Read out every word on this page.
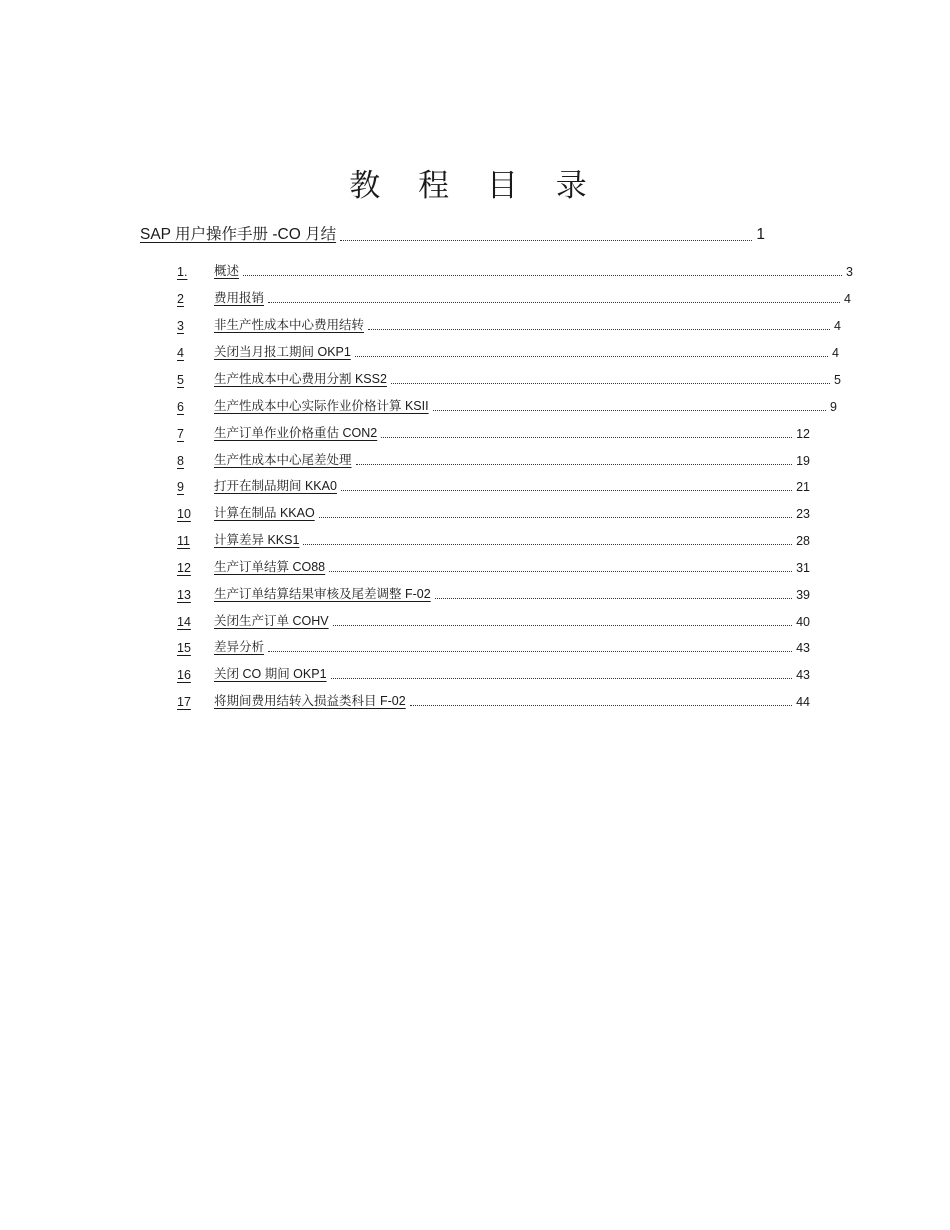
教 程 目 录
SAP 用户操作手册 -CO 月结	1
1.	概述	3
2	费用报销	4
3	非生产性成本中心费用结转	4
4	关闭当月报工期间 OKP1	4
5	生产性成本中心费用分割 KSS2	5
6	生产性成本中心实际作业价格计算 KSII	9
7	生产订单作业价格重估 CON2	12
8	生产性成本中心尾差处理	19
9	打开在制品期间 KKA0	21
10	计算在制品 KKAO	23
11	计算差异 KKS1	28
12	生产订单结算 CO88	31
13	生产订单结算结果审核及尾差调整 F-02	39
14	关闭生产订单 COHV	40
15	差异分析	43
16	关闭 CO 期间 OKP1	43
17	将期间费用结转入损益类科目 F-02	44
